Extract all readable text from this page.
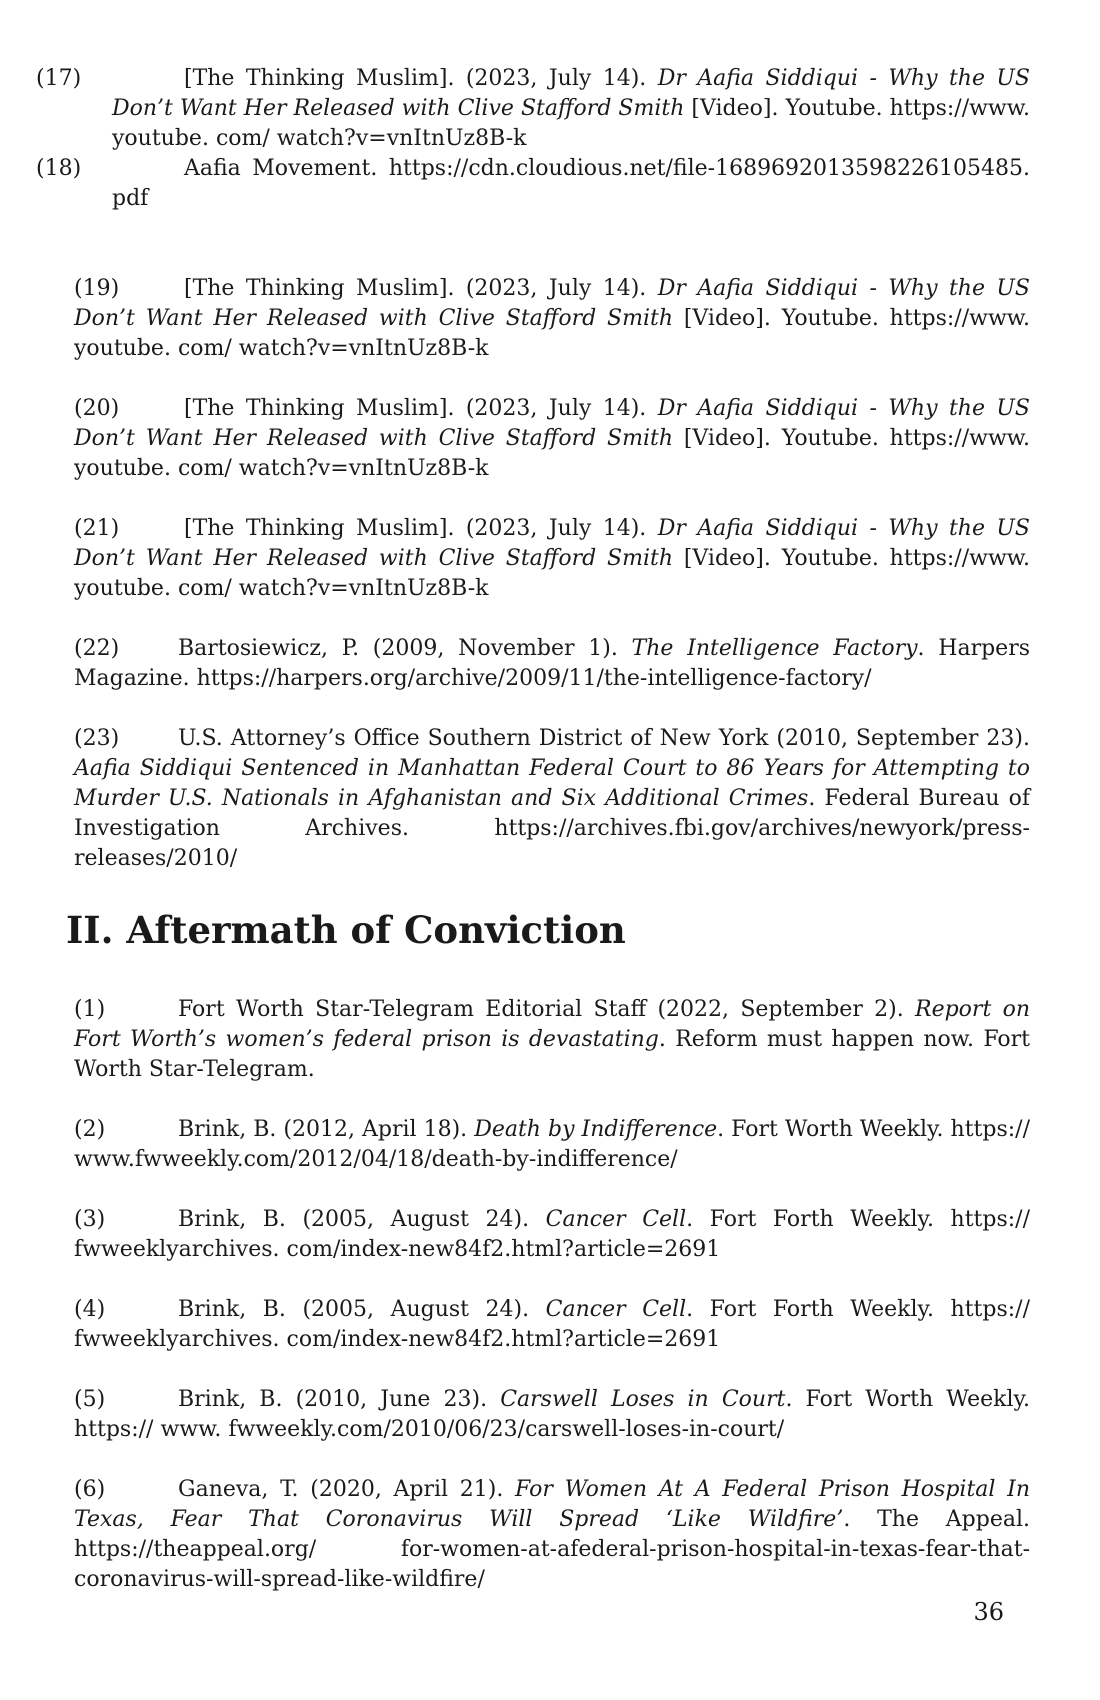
(17)	[The Thinking Muslim]. (2023, July 14). Dr Aafia Siddiqui - Why the US Don’t Want Her Released with Clive Stafford Smith [Video]. Youtube. https://www. youtube. com/ watch?v=vnItnUz8B-k
(18)	Aafia Movement. https://cdn.cloudious.net/file-1689692013598226105485. pdf
(19)	[The Thinking Muslim]. (2023, July 14). Dr Aafia Siddiqui - Why the US Don’t Want Her Released with Clive Stafford Smith [Video]. Youtube. https://www. youtube. com/ watch?v=vnItnUz8B-k
(20)	[The Thinking Muslim]. (2023, July 14). Dr Aafia Siddiqui - Why the US Don’t Want Her Released with Clive Stafford Smith [Video]. Youtube. https://www. youtube. com/ watch?v=vnItnUz8B-k
(21)	[The Thinking Muslim]. (2023, July 14). Dr Aafia Siddiqui - Why the US Don’t Want Her Released with Clive Stafford Smith [Video]. Youtube. https://www. youtube. com/ watch?v=vnItnUz8B-k
(22)	Bartosiewicz, P. (2009, November 1). The Intelligence Factory. Harpers Magazine. https://harpers.org/archive/2009/11/the-intelligence-factory/
(23)	U.S. Attorney’s Office Southern District of New York (2010, September 23). Aafia Siddiqui Sentenced in Manhattan Federal Court to 86 Years for Attempting to Murder U.S. Nationals in Afghanistan and Six Additional Crimes. Federal Bureau of Investigation Archives. https://archives.fbi.gov/archives/newyork/press-releases/2010/
II. Aftermath of Conviction
(1)	Fort Worth Star-Telegram Editorial Staff (2022, September 2). Report on Fort Worth’s women’s federal prison is devastating. Reform must happen now. Fort Worth Star-Telegram.
(2)	Brink, B. (2012, April 18). Death by Indifference. Fort Worth Weekly. https:// www.fwweekly.com/2012/04/18/death-by-indifference/
(3)	Brink, B. (2005, August 24). Cancer Cell. Fort Forth Weekly. https:// fwweeklyarchives. com/index-new84f2.html?article=2691
(4)	Brink, B. (2005, August 24). Cancer Cell. Fort Forth Weekly. https:// fwweeklyarchives. com/index-new84f2.html?article=2691
(5)	Brink, B. (2010, June 23). Carswell Loses in Court. Fort Worth Weekly. https:// www. fwweekly.com/2010/06/23/carswell-loses-in-court/
(6)	Ganeva, T. (2020, April 21). For Women At A Federal Prison Hospital In Texas, Fear That Coronavirus Will Spread ‘Like Wildfire’. The Appeal. https://theappeal.org/ for-women-at-afederal-prison-hospital-in-texas-fear-that-coronavirus-will-spread-like-wildfire/
36
